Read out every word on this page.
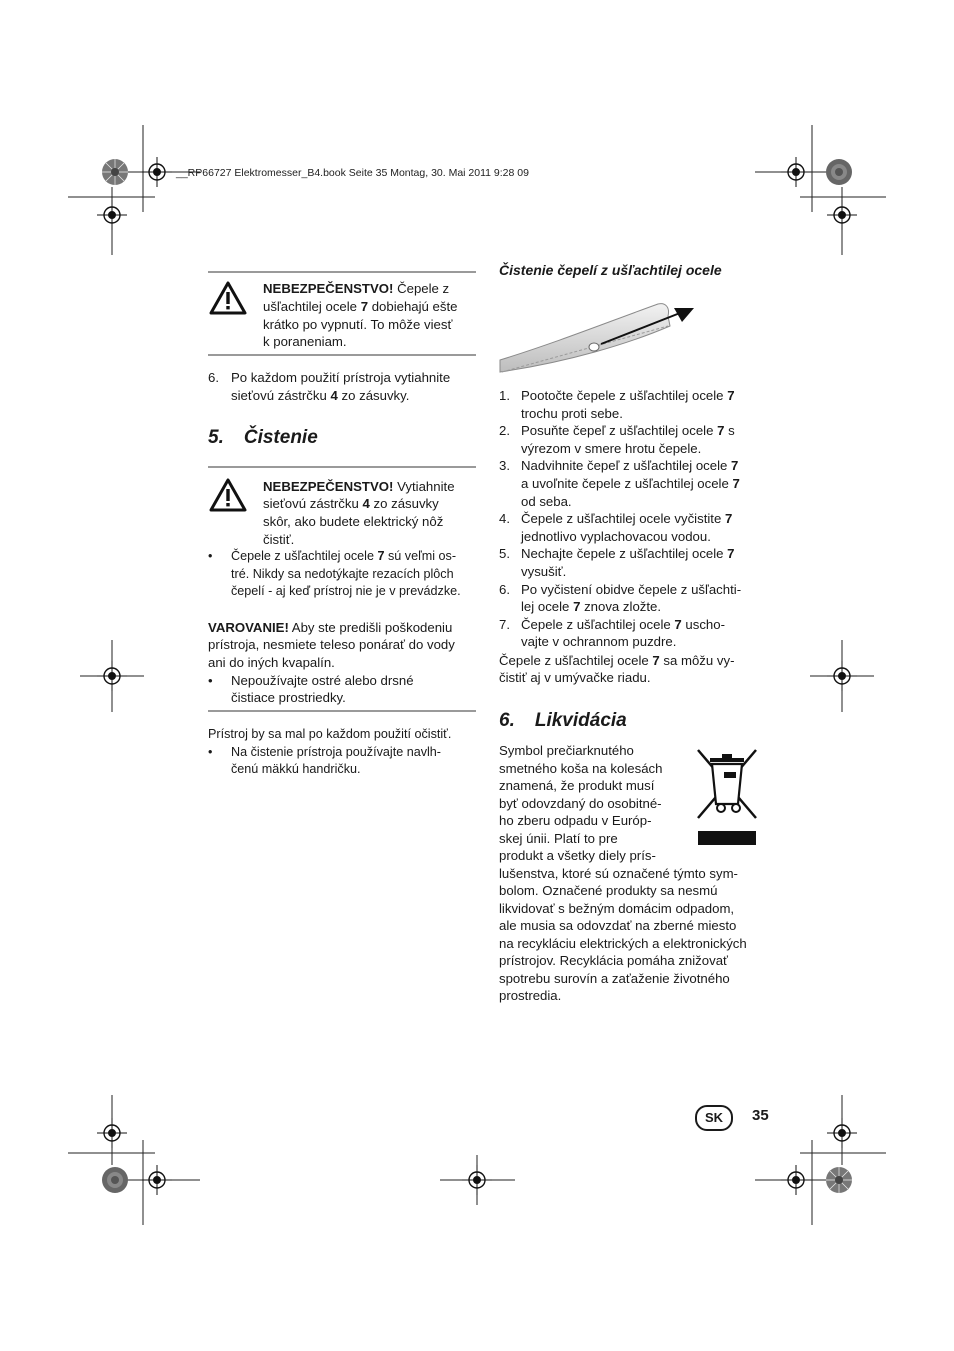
__RP66727 Elektromesser_B4.book Seite 35 Montag, 30. Mai 2011 9:28 09
NEBEZPEČENSTVO! Čepele z
ušľachtilej ocele 7 dobiehajú ešte
krátko po vypnutí. To môže viesť
k poraneniam.
6. Po každom použití prístroja vytiahnite
sieťovú zástrčku 4 zo zásuvky.
5. Čistenie
NEBEZPEČENSTVO! Vytiahnite
sieťovú zástrčku 4 zo zásuvky
skôr, ako budete elektrický nôž
čistiť.
• Čepele z ušľachtilej ocele 7 sú veľmi os-
tré. Nikdy sa nedotýkajte rezacích plôch
čepelí - aj keď prístroj nie je v prevádzke.
VAROVANIE! Aby ste predišli poškodeniu
prístroja, nesmiete teleso ponárať do vody
ani do iných kvapalín.
• Nepoužívajte ostré alebo drsné
čistiace prostriedky.
Prístroj by sa mal po každom použití očistiť.
• Na čistenie prístroja používajte navlh-
čenú mäkkú handričku.
Čistenie čepelí z ušľachtilej ocele
1. Pootočte čepele z ušľachtilej ocele 7
trochu proti sebe.
2. Posuňte čepeľ z ušľachtilej ocele 7 s
výrezom v smere hrotu čepele.
3. Nadvihnite čepeľ z ušľachtilej ocele 7
a uvoľnite čepele z ušľachtilej ocele 7
od seba.
4. Čepele z ušľachtilej ocele vyčistite 7
jednotlivo vyplachovacou vodou.
5. Nechajte čepele z ušľachtilej ocele 7
vysušiť.
6. Po vyčistení obidve čepele z ušľachti-
lej ocele 7 znova zložte.
7. Čepele z ušľachtilej ocele 7 uscho-
vajte v ochrannom puzdre.
Čepele z ušľachtilej ocele 7 sa môžu vy-
čistiť aj v umývačke riadu.
6. Likvidácia
Symbol prečiarknutého
smetného koša na kolesách
znamená, že produkt musí
byť odovzdaný do osobitné-
ho zberu odpadu v Európ-
skej únii. Platí to pre
produkt a všetky diely prís-
lušenstva, ktoré sú označené týmto sym-
bolom. Označené produkty sa nesmú
likvidovať s bežným domácim odpadom,
ale musia sa odovzdať na zberné miesto
na recykláciu elektrických a elektronických
prístrojov. Recyklácia pomáha znižovať
spotrebu surovín a zaťaženie životného
prostredia.
SK	35
